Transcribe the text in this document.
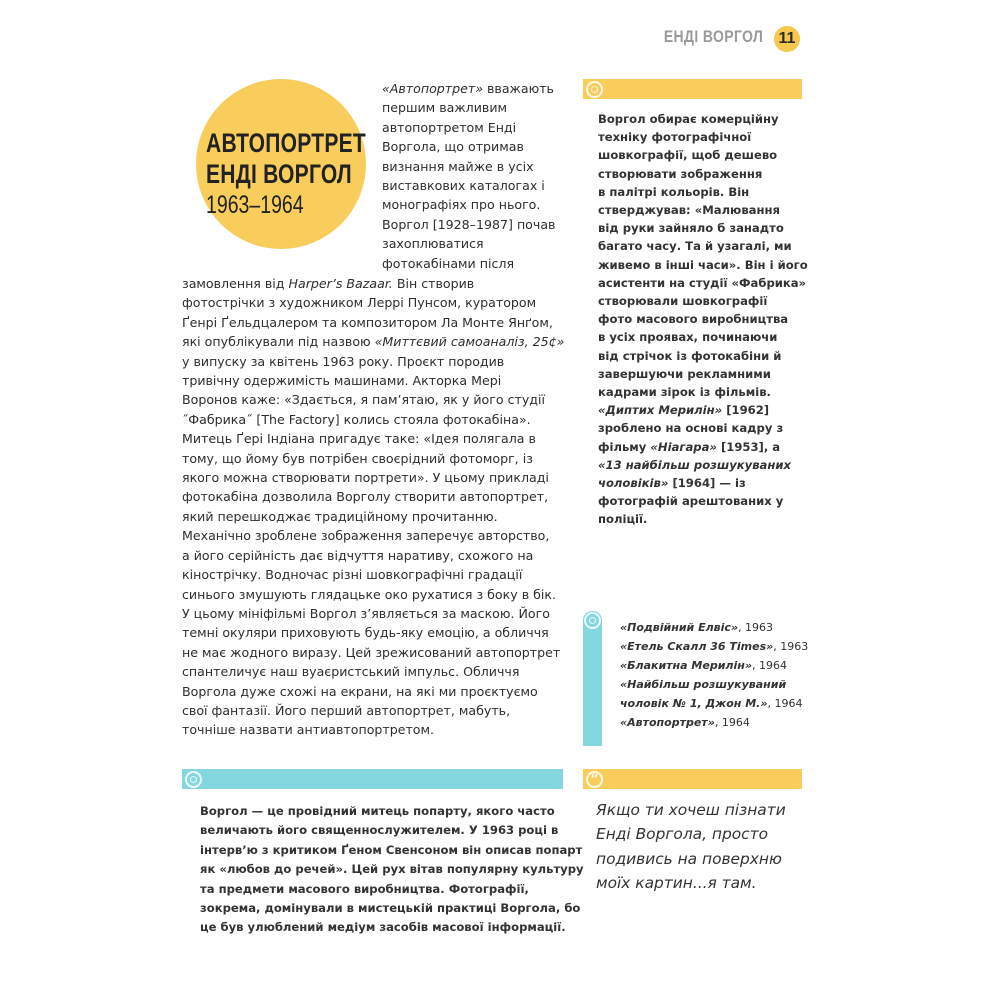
ЕНДІ ВОРГОЛ 11
АВТОПОРТРЕТ
ЕНДІ ВОРГОЛ
1963–1964
«Автопортрет» вважають
першим важливим
автопортретом Енді
Воргола, що отримав
визнання майже в усіх
виставкових каталогах і
монографіях про нього.
Воргол [1928–1987] почав
захоплюватися
фотокабінами після
замовлення від Harper’s Bazaar. Він створив
фотострічки з художником Леррі Пунсом, куратором
Ґенрі Ґельдцалером та композитором Ла Монте Янґом,
які опублікували під назвою «Миттєвий самоаналіз, 25¢»
у випуску за квітень 1963 року. Проєкт породив
тривічну одержимість машинами. Акторка Мері
Воронов каже: «Здається, я пам’ятаю, як у його студії
˝Фабрика˝ [The Factory] колись стояла фотокабіна».
Митець Ґері Індіана пригадує таке: «Ідея полягала в
тому, що йому був потрібен своєрідний фотоморг, із
якого можна створювати портрети». У цьому прикладі
фотокабіна дозволила Ворголу створити автопортрет,
який перешкоджає традиційному прочитанню.
Механічно зроблене зображення заперечує авторство,
а його серійність дає відчуття наративу, схожого на
кінострічку. Водночас різні шовкографічні градації
синього змушують глядацьке око рухатися з боку в бік.
У цьому мініфільмі Воргол з’являється за маскою. Його
темні окуляри приховують будь-яку емоцію, а обличчя
не має жодного виразу. Цей зрежисований автопортрет
спантеличує наш вуаєристський імпульс. Обличчя
Воргола дуже схожі на екрани, на які ми проєктуємо
свої фантазії. Його перший автопортрет, мабуть,
точніше назвати антиавтопортретом.
Воргол обирає комерційну
техніку фотографічної
шовкографії, щоб дешево
створювати зображення
в палітрі кольорів. Він
стверджував: «Малювання
від руки зайняло б занадто
багато часу. Та й узагалі, ми
живемо в інші часи». Він і його
асистенти на студії «Фабрика»
створювали шовкографії
фото масового виробництва
в усіх проявах, починаючи
від стрічок із фотокабіни й
завершуючи рекламними
кадрами зірок із фільмів.
«Диптих Мерилін» [1962]
зроблено на основі кадру з
фільму «Ніагара» [1953], а
«13 найбільш розшукуваних
чоловіків» [1964] — із
фотографій арештованих у
поліції.
«Подвійний Елвіс», 1963
«Етель Скалл 36 Times», 1963
«Блакитна Мерилін», 1964
«Найбільш розшукуваний
чоловік № 1, Джон М.», 1964
«Автопортрет», 1964
“
Якщо ти хочеш пізнати
Енді Воргола, просто
подивись на поверхню
моїх картин...я там.
Воргол — це провідний митець попарту, якого часто
величають його священнослужителем. У 1963 році в
інтерв’ю з критиком Ґеном Свенсоном він описав попарт
як «любов до речей». Цей рух вітав популярну культуру
та предмети масового виробництва. Фотографії,
зокрема, домінували в мистецькій практиці Воргола, бо
це був улюблений медіум засобів масової інформації.
